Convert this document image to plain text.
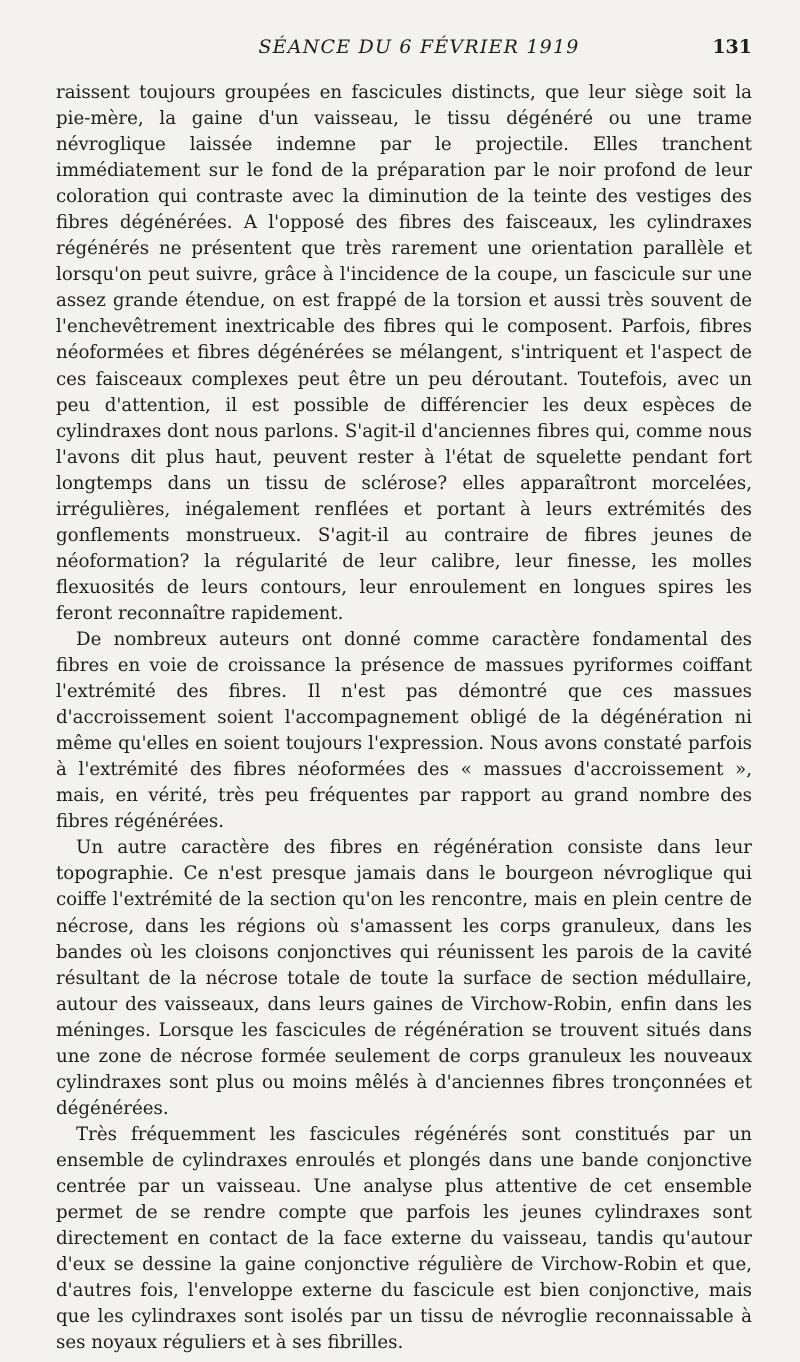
SÉANCE DU 6 FÉVRIER 1919	131

raissent toujours groupées en fascicules distincts, que leur siège soit la pie-mère, la gaine d'un vaisseau, le tissu dégénéré ou une trame névroglique laissée indemne par le projectile. Elles tranchent immédiatement sur le fond de la préparation par le noir profond de leur coloration qui contraste avec la diminution de la teinte des vestiges des fibres dégénérées. A l'opposé des fibres des faisceaux, les cylindraxes régénérés ne présentent que très rarement une orientation parallèle et lorsqu'on peut suivre, grâce à l'incidence de la coupe, un fascicule sur une assez grande étendue, on est frappé de la torsion et aussi très souvent de l'enchevêtrement inextricable des fibres qui le composent. Parfois, fibres néoformées et fibres dégénérées se mélangent, s'intriquent et l'aspect de ces faisceaux complexes peut être un peu déroutant. Toutefois, avec un peu d'attention, il est possible de différencier les deux espèces de cylindraxes dont nous parlons. S'agit-il d'anciennes fibres qui, comme nous l'avons dit plus haut, peuvent rester à l'état de squelette pendant fort longtemps dans un tissu de sclérose? elles apparaîtront morcelées, irrégulières, inégalement renflées et portant à leurs extrémités des gonflements monstrueux. S'agit-il au contraire de fibres jeunes de néoformation? la régularité de leur calibre, leur finesse, les molles flexuosités de leurs contours, leur enroulement en longues spires les feront reconnaître rapidement.

De nombreux auteurs ont donné comme caractère fondamental des fibres en voie de croissance la présence de massues pyriformes coiffant l'extrémité des fibres. Il n'est pas démontré que ces massues d'accroissement soient l'accompagnement obligé de la dégénération ni même qu'elles en soient toujours l'expression. Nous avons constaté parfois à l'extrémité des fibres néoformées des « massues d'accroissement », mais, en vérité, très peu fréquentes par rapport au grand nombre des fibres régénérées.

Un autre caractère des fibres en régénération consiste dans leur topographie. Ce n'est presque jamais dans le bourgeon névroglique qui coiffe l'extrémité de la section qu'on les rencontre, mais en plein centre de nécrose, dans les régions où s'amassent les corps granuleux, dans les bandes où les cloisons conjonctives qui réunissent les parois de la cavité résultant de la nécrose totale de toute la surface de section médullaire, autour des vaisseaux, dans leurs gaines de Virchow-Robin, enfin dans les méninges. Lorsque les fascicules de régénération se trouvent situés dans une zone de nécrose formée seulement de corps granuleux les nouveaux cylindraxes sont plus ou moins mêlés à d'anciennes fibres tronçonnées et dégénérées.

Très fréquemment les fascicules régénérés sont constitués par un ensemble de cylindraxes enroulés et plongés dans une bande conjonctive centrée par un vaisseau. Une analyse plus attentive de cet ensemble permet de se rendre compte que parfois les jeunes cylindraxes sont directement en contact de la face externe du vaisseau, tandis qu'autour d'eux se dessine la gaine conjonctive régulière de Virchow-Robin et que, d'autres fois, l'enveloppe externe du fascicule est bien conjonctive, mais que les cylindraxes sont isolés par un tissu de névroglie reconnaissable à ses noyaux réguliers et à ses fibrilles.
